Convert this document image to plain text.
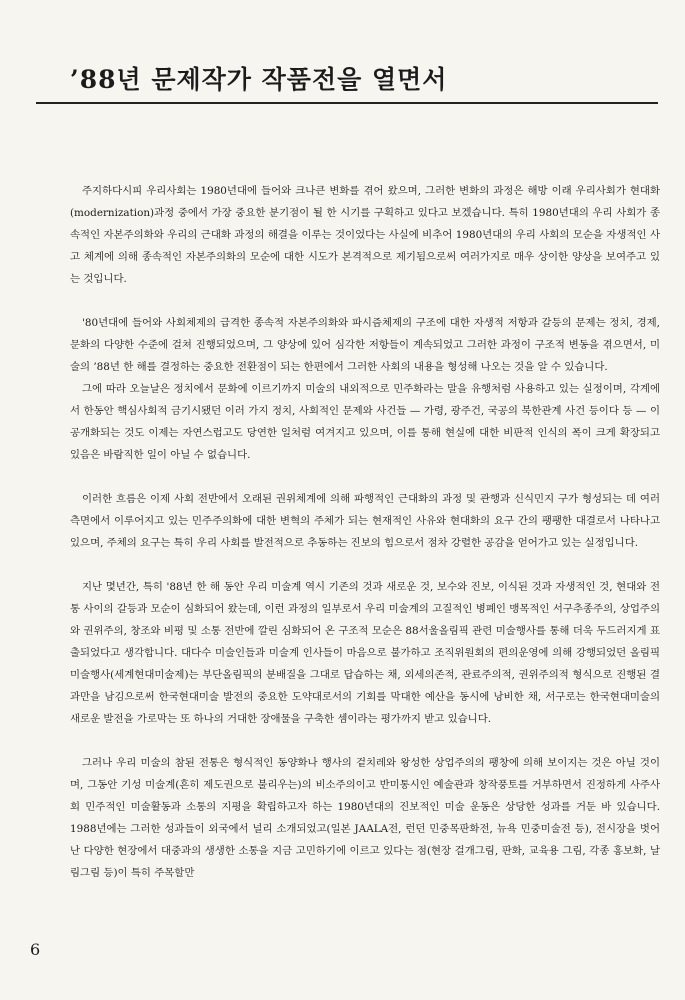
’88년 문제작가 작품전을 열면서

주지하다시피 우리사회는 1980년대에 들어와 크나큰 변화를 겪어 왔으며, 그러한 변화의 과정은 해방 이래 우리사회가 현대화(modernization)과정 중에서 가장 중요한 분기점이 될 한 시기를 구획하고 있다고 보겠습니다. 특히 1980년대의 우리 사회가 종속적인 자본주의화와 우리의 근대화 과정의 해결을 이루는 것이었다는 사실에 비추어 1980년대의 우리 사회의 모순을 자생적인 사고 체계에 의해 종속적인 자본주의화의 모순에 대한 시도가 본격적으로 제기됨으로써 여러가지로 매우 상이한 양상을 보여주고 있는 것입니다.

'80년대에 들어와 사회체제의 급격한 종속적 자본주의화와 파시즘체제의 구조에 대한 자생적 저항과 갈등의 문제는 정치, 경제, 문화의 다양한 수준에 걸쳐 진행되었으며, 그 양상에 있어 심각한 저항들이 계속되었고 그러한 과정이 구조적 변동을 겪으면서, 미술의 ’88년 한 해를 결정하는 중요한 전환점이 되는 한편에서 그러한 사회의 내용을 형성해 나오는 것을 알 수 있습니다.

그에 따라 오늘날은 정치에서 문화에 이르기까지 미술의 내외적으로 민주화라는 말을 유행처럼 사용하고 있는 실정이며, 각계에서 한동안 핵심사회적 금기시됐던 이러 가지 정치, 사회적인 문제와 사건들 — 가령, 광주건, 국공의 북한관계 사건 등이다 등 — 이 공개화되는 것도 이제는 자연스럽고도 당연한 일처럼 여겨지고 있으며, 이를 통해 현실에 대한 비판적 인식의 폭이 크게 확장되고 있음은 바람직한 일이 아닐 수 없습니다.

이러한 흐름은 이제 사회 전반에서 오래된 권위체계에 의해 파행적인 근대화의 과정 및 관행과 신식민지 구가 형성되는 데 여러 측면에서 이루어지고 있는 민주주의화에 대한 변혁의 주체가 되는 현재적인 사유와 현대화의 요구 간의 팽팽한 대결로서 나타나고 있으며, 주체의 요구는 특히 우리 사회를 발전적으로 추동하는 진보의 힘으로서 점차 강렬한 공감을 얻어가고 있는 실정입니다.

지난 몇년간, 특히 '88년 한 해 동안 우리 미술계 역시 기존의 것과 새로운 것, 보수와 진보, 이식된 것과 자생적인 것, 현대와 전통 사이의 갈등과 모순이 심화되어 왔는데, 이런 과정의 일부로서 우리 미술계의 고질적인 병폐인 맹목적인 서구추종주의, 상업주의와 권위주의, 창조와 비평 및 소통 전반에 깔린 심화되어 온 구조적 모순은 88서울올림픽 관련 미술행사를 통해 더욱 두드러지게 표출되었다고 생각합니다. 대다수 미술인들과 미술계 인사들이 마음으로 불가하고 조직위원회의 편의운영에 의해 강행되었던 올림픽 미술행사(세계현대미술제)는 부단올림픽의 분배질을 그대로 답습하는 채, 외세의존적, 관료주의적, 권위주의적 형식으로 진행된 결과만을 남김으로써 한국현대미술 발전의 중요한 도약대로서의 기회를 막대한 예산을 동시에 낭비한 채, 서구로는 한국현대미술의 새로운 발전을 가로막는 또 하나의 거대한 장애물을 구축한 셈이라는 평가까지 받고 있습니다.

그러나 우리 미술의 참된 전통은 형식적인 동양화나 행사의 겉치레와 왕성한 상업주의의 팽창에 의해 보이지는 것은 아닐 것이며, 그동안 기성 미술계(흔히 제도권으로 불리우는)의 비소주의이고 반미통시인 예술관과 창작풍토를 거부하면서 진정하게 사주사회 민주적인 미술활동과 소통의 지평을 확립하고자 하는 1980년대의 진보적인 미술 운동은 상당한 성과를 거둔 바 있습니다. 1988년에는 그러한 성과들이 외국에서 널리 소개되었고(일본 JAALA전, 런던 민중목판화전, 뉴욕 민중미술전 등), 전시장을 벗어난 다양한 현장에서 대중과의 생생한 소통을 지금 고민하기에 이르고 있다는 점(현장 걸개그림, 판화, 교육용 그림, 각종 홍보화, 날림그림 등)이 특히 주목할만

6
